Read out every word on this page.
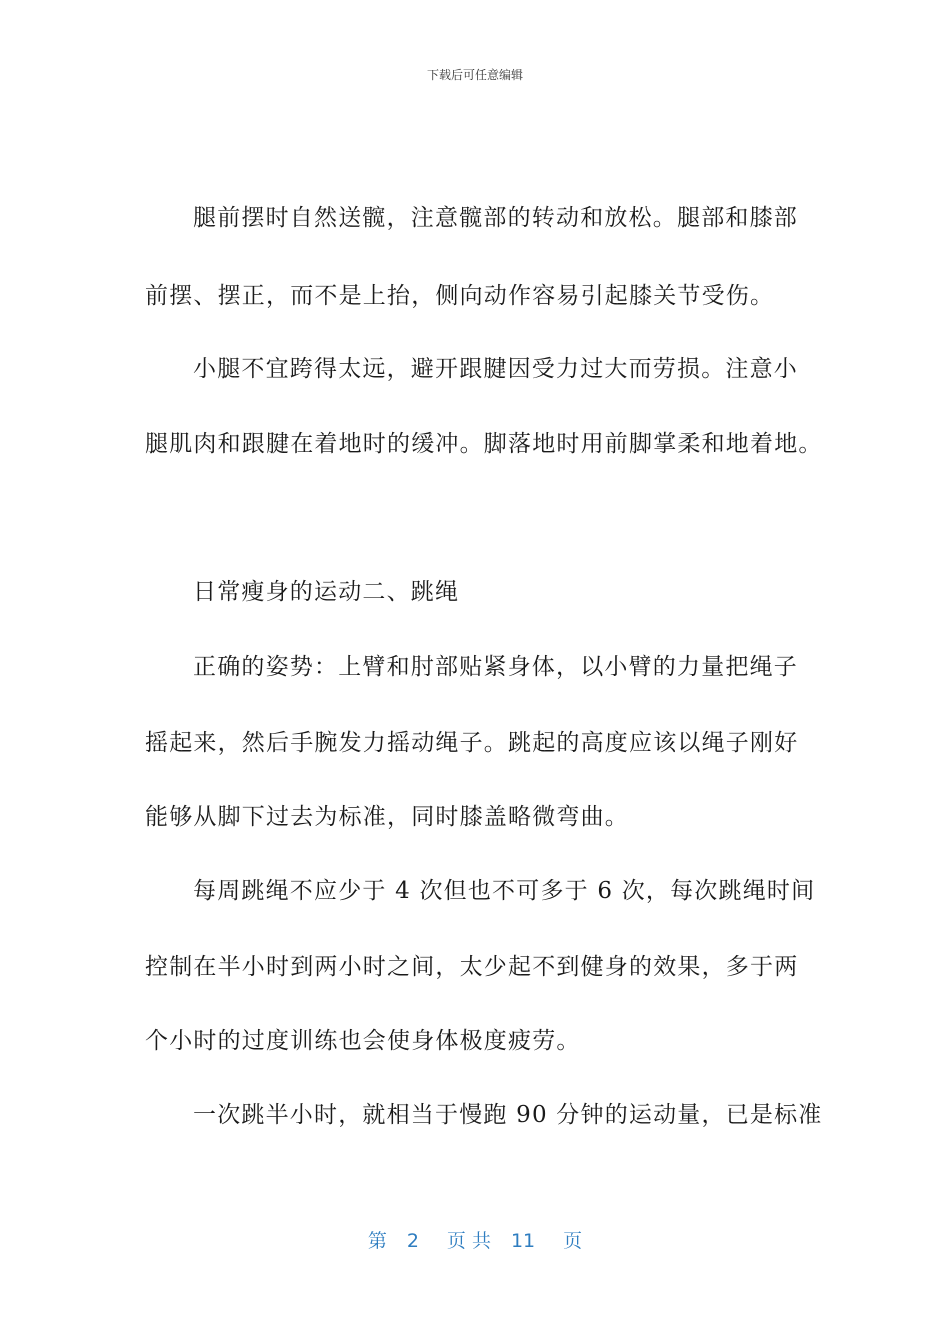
下载后可任意编辑
腿前摆时自然送髋，注意髋部的转动和放松。腿部和膝部
前摆、摆正，而不是上抬，侧向动作容易引起膝关节受伤。
小腿不宜跨得太远，避开跟腱因受力过大而劳损。注意小
腿肌肉和跟腱在着地时的缓冲。脚落地时用前脚掌柔和地着地。
日常瘦身的运动二、跳绳
正确的姿势：上臂和肘部贴紧身体，以小臂的力量把绳子
摇起来，然后手腕发力摇动绳子。跳起的高度应该以绳子刚好
能够从脚下过去为标准，同时膝盖略微弯曲。
每周跳绳不应少于 4 次但也不可多于 6 次，每次跳绳时间
控制在半小时到两小时之间，太少起不到健身的效果，多于两
个小时的过度训练也会使身体极度疲劳。
一次跳半小时，就相当于慢跑 90 分钟的运动量，已是标准
第 2 页 共 11 页
